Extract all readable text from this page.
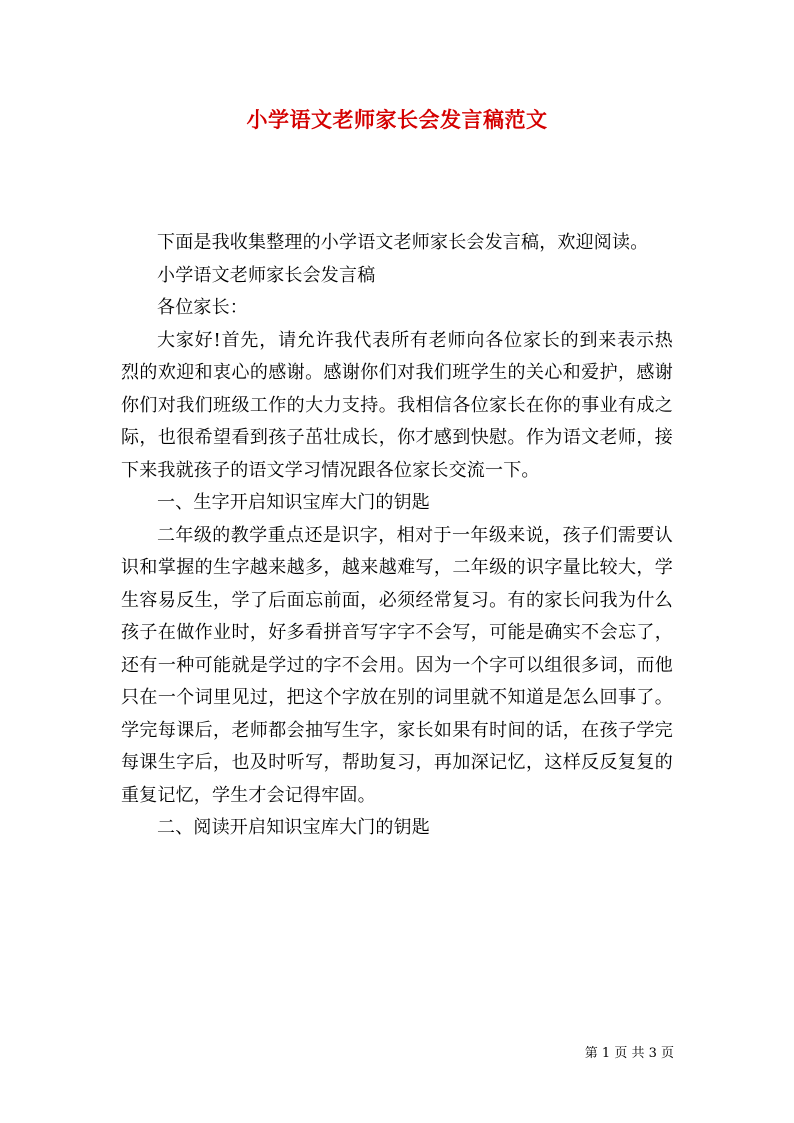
小学语文老师家长会发言稿范文

下面是我收集整理的小学语文老师家长会发言稿，欢迎阅读。

小学语文老师家长会发言稿

各位家长：

大家好!首先，请允许我代表所有老师向各位家长的到来表示热烈的欢迎和衷心的感谢。感谢你们对我们班学生的关心和爱护，感谢你们对我们班级工作的大力支持。我相信各位家长在你的事业有成之际，也很希望看到孩子茁壮成长，你才感到快慰。作为语文老师，接下来我就孩子的语文学习情况跟各位家长交流一下。

一、生字开启知识宝库大门的钥匙

二年级的教学重点还是识字，相对于一年级来说，孩子们需要认识和掌握的生字越来越多，越来越难写，二年级的识字量比较大，学生容易反生，学了后面忘前面，必须经常复习。有的家长问我为什么孩子在做作业时，好多看拼音写字字不会写，可能是确实不会忘了，还有一种可能就是学过的字不会用。因为一个字可以组很多词，而他只在一个词里见过，把这个字放在别的词里就不知道是怎么回事了。学完每课后，老师都会抽写生字，家长如果有时间的话，在孩子学完每课生字后，也及时听写，帮助复习，再加深记忆，这样反反复复的重复记忆，学生才会记得牢固。

二、阅读开启知识宝库大门的钥匙

第 1 页 共 3 页
